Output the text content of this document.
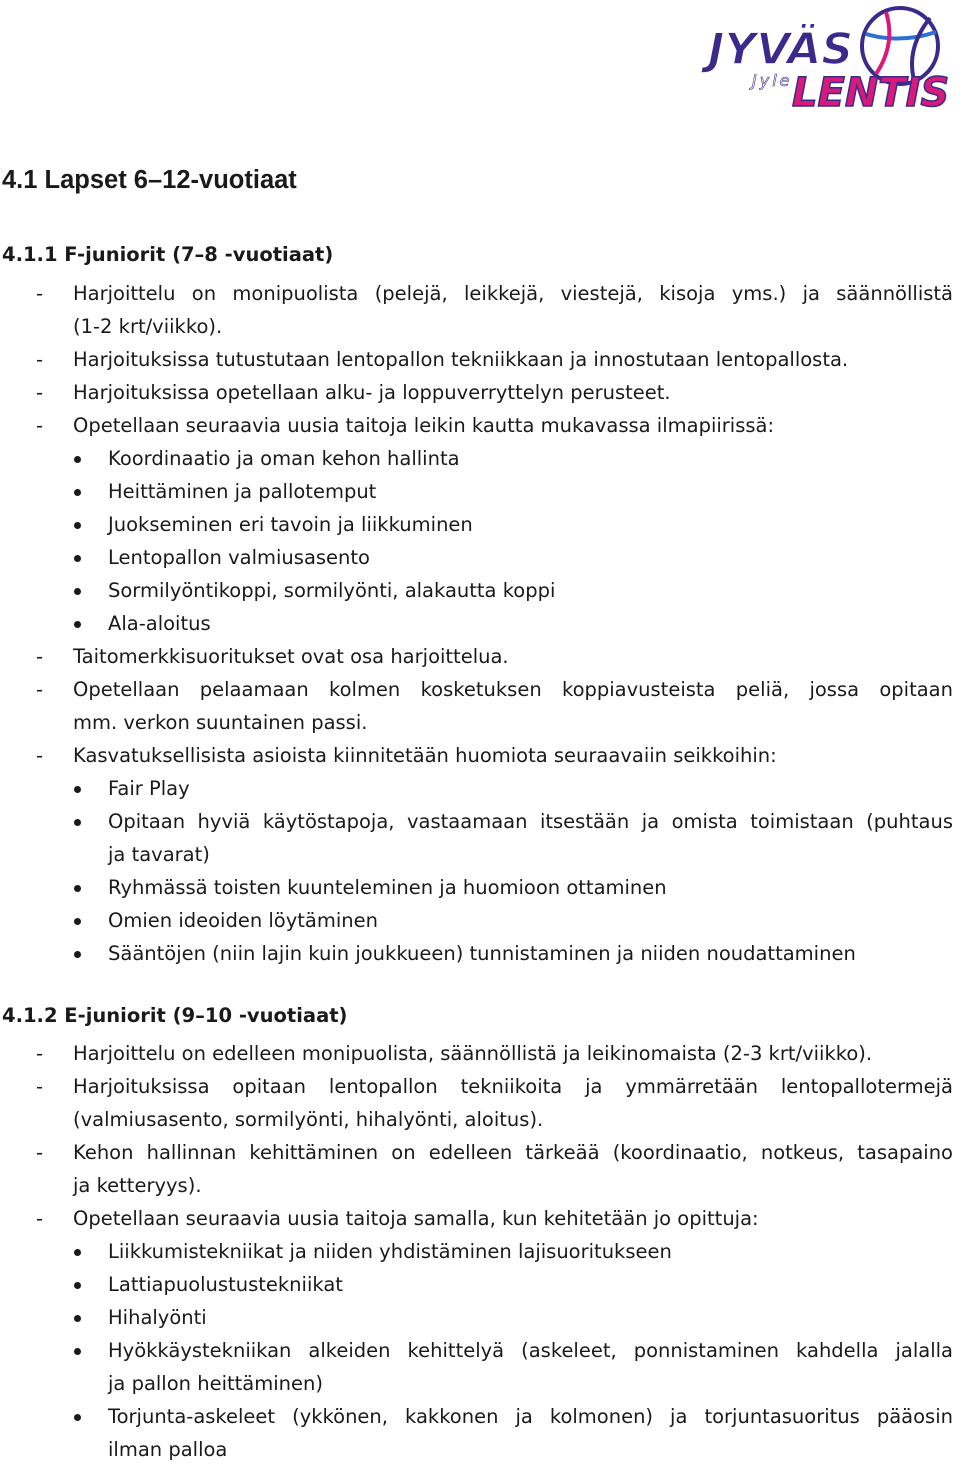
JYVÄS
Jyle LENTIS
4.1 Lapset 6–12-vuotiaat
4.1.1 F-juniorit (7–8 -vuotiaat)
- Harjoittelu on monipuolista (pelejä, leikkejä, viestejä, kisoja yms.) ja säännöllistä
(1-2 krt/viikko).
- Harjoituksissa tutustutaan lentopallon tekniikkaan ja innostutaan lentopallosta.
- Harjoituksissa opetellaan alku- ja loppuverryttelyn perusteet.
- Opetellaan seuraavia uusia taitoja leikin kautta mukavassa ilmapiirissä:
Koordinaatio ja oman kehon hallinta
Heittäminen ja pallotemput
Juokseminen eri tavoin ja liikkuminen
Lentopallon valmiusasento
Sormilyöntikoppi, sormilyönti, alakautta koppi
Ala-aloitus
- Taitomerkkisuoritukset ovat osa harjoittelua.
- Opetellaan pelaamaan kolmen kosketuksen koppiavusteista peliä, jossa opitaan
mm. verkon suuntainen passi.
- Kasvatuksellisista asioista kiinnitetään huomiota seuraavaiin seikkoihin:
Fair Play
Opitaan hyviä käytöstapoja, vastaamaan itsestään ja omista toimistaan (puhtaus
ja tavarat)
Ryhmässä toisten kuunteleminen ja huomioon ottaminen
Omien ideoiden löytäminen
Sääntöjen (niin lajin kuin joukkueen) tunnistaminen ja niiden noudattaminen
4.1.2 E-juniorit (9–10 -vuotiaat)
- Harjoittelu on edelleen monipuolista, säännöllistä ja leikinomaista (2-3 krt/viikko).
- Harjoituksissa opitaan lentopallon tekniikoita ja ymmärretään lentopallotermejä
(valmiusasento, sormilyönti, hihalyönti, aloitus).
- Kehon hallinnan kehittäminen on edelleen tärkeää (koordinaatio, notkeus, tasapaino
ja ketteryys).
- Opetellaan seuraavia uusia taitoja samalla, kun kehitetään jo opittuja:
Liikkumistekniikat ja niiden yhdistäminen lajisuoritukseen
Lattiapuolustustekniikat
Hihalyönti
Hyökkäystekniikan alkeiden kehittelyä (askeleet, ponnistaminen kahdella jalalla
ja pallon heittäminen)
Torjunta-askeleet (ykkönen, kakkonen ja kolmonen) ja torjuntasuoritus pääosin
ilman palloa
